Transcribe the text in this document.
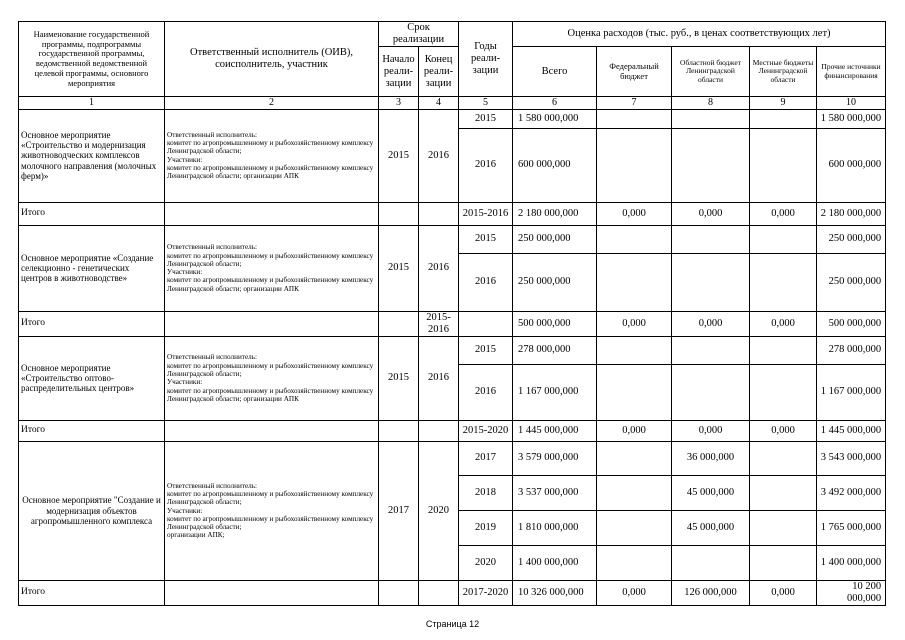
Наименование государственной программы, подпрограммы государственной программы, ведомственной ведомственной целевой программы, основного мероприятия	Ответственный исполнитель (ОИВ), соисполнитель, участник	Срок реализации		Годы реали-зации	Оценка расходов (тыс. руб., в ценах соответствующих лет)				
		Начало реали-зации	Конец реали-зации		Всего	Федеральный бюджет	Областной бюджет Ленинградской области	Местные бюджеты Ленинградской области	Прочие источники финансирования
1	2	3	4	5	6	7	8	9	10
Основное мероприятие «Строительство и модернизация животноводческих комплексов молочного направления (молочных ферм)»	Ответственный исполнитель:
комитет по агропромышленному и рыбохозяйственному комплексу Ленинградской области;
Участники:
комитет по агропромышленному и рыбохозяйственному комплексу Ленинградской области; организации АПК	2015	2016	2015	1 580 000,000				1 580 000,000
				2016	600 000,000				600 000,000
Итого				2015-2016	2 180 000,000	0,000	0,000	0,000	2 180 000,000
Основное мероприятие «Создание селекционно - генетических центров в животноводстве»	Ответственный исполнитель:
комитет по агропромышленному и рыбохозяйственному комплексу Ленинградской области;
Участники:
комитет по агропромышленному и рыбохозяйственному комплексу Ленинградской области; организации АПК	2015	2016	2015	250 000,000				250 000,000
				2016	250 000,000				250 000,000
Итого			2015-2016		500 000,000	0,000	0,000	0,000	500 000,000
Основное мероприятие «Строительство оптово-распределительных центров»	Ответственный исполнитель:
комитет по агропромышленному и рыбохозяйственному комплексу Ленинградской области;
Участники:
комитет по агропромышленному и рыбохозяйственному комплексу Ленинградской области; организации АПК	2015	2016	2015	278 000,000				278 000,000
				2016	1 167 000,000				1 167 000,000
Итого				2015-2020	1 445 000,000	0,000	0,000	0,000	1 445 000,000
Основное мероприятие "Создание и модернизация объектов агропромышленного комплекса	Ответственный исполнитель:
комитет по агропромышленному и рыбохозяйственному комплексу Ленинградской области;
Участники:
комитет по агропромышленному и рыбохозяйственному комплексу Ленинградской области;
организации АПК;	2017	2020	2017	3 579 000,000		36 000,000		3 543 000,000
				2018	3 537 000,000		45 000,000		3 492 000,000
				2019	1 810 000,000		45 000,000		1 765 000,000
				2020	1 400 000,000				1 400 000,000
Итого				2017-2020	10 326 000,000	0,000	126 000,000	0,000	10 200 000,000
Страница 12
